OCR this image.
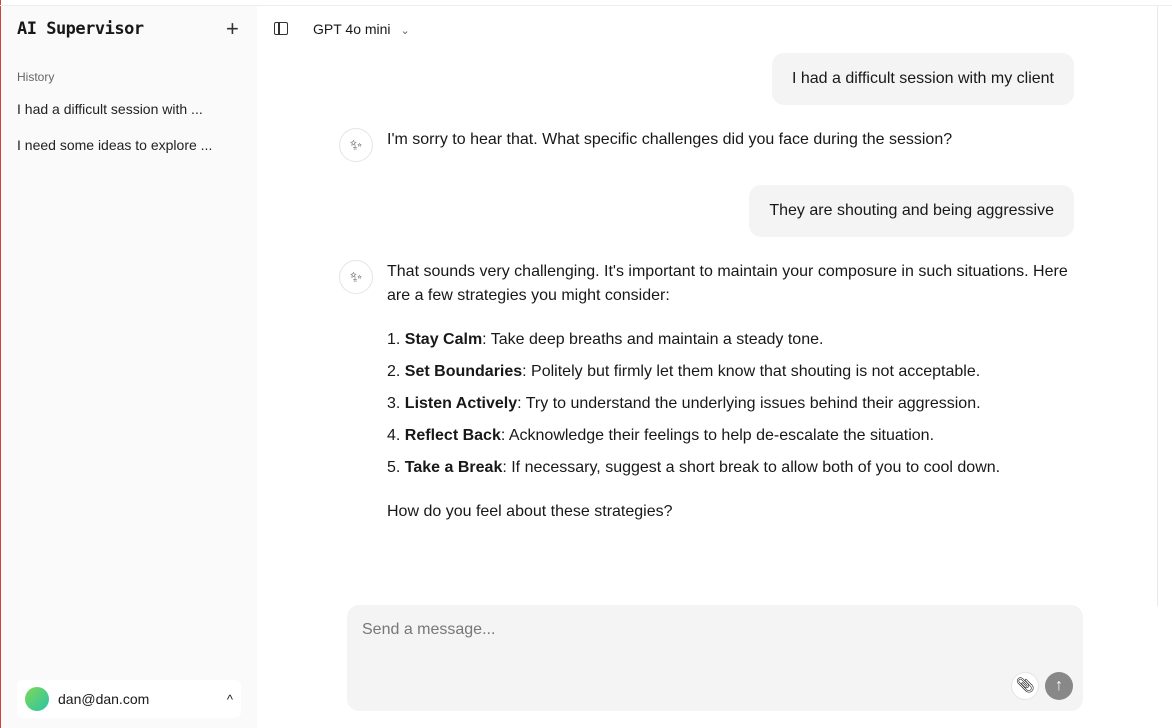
AI Supervisor	+
History
I had a difficult session with ...
I need some ideas to explore ...
dan@dan.com	^
GPT 4o mini ⌄
I had a difficult session with my client
✨︎	I'm sorry to hear that. What specific challenges did you face during the session?
They are shouting and being aggressive
✨︎	That sounds very challenging. It's important to maintain your composure in such situations. Here are a few strategies you might consider:

1. Stay Calm: Take deep breaths and maintain a steady tone.
2. Set Boundaries: Politely but firmly let them know that shouting is not acceptable.
3. Listen Actively: Try to understand the underlying issues behind their aggression.
4. Reflect Back: Acknowledge their feelings to help de-escalate the situation.
5. Take a Break: If necessary, suggest a short break to allow both of you to cool down.

How do you feel about these strategies?

Send a message...
📎︎	↑
